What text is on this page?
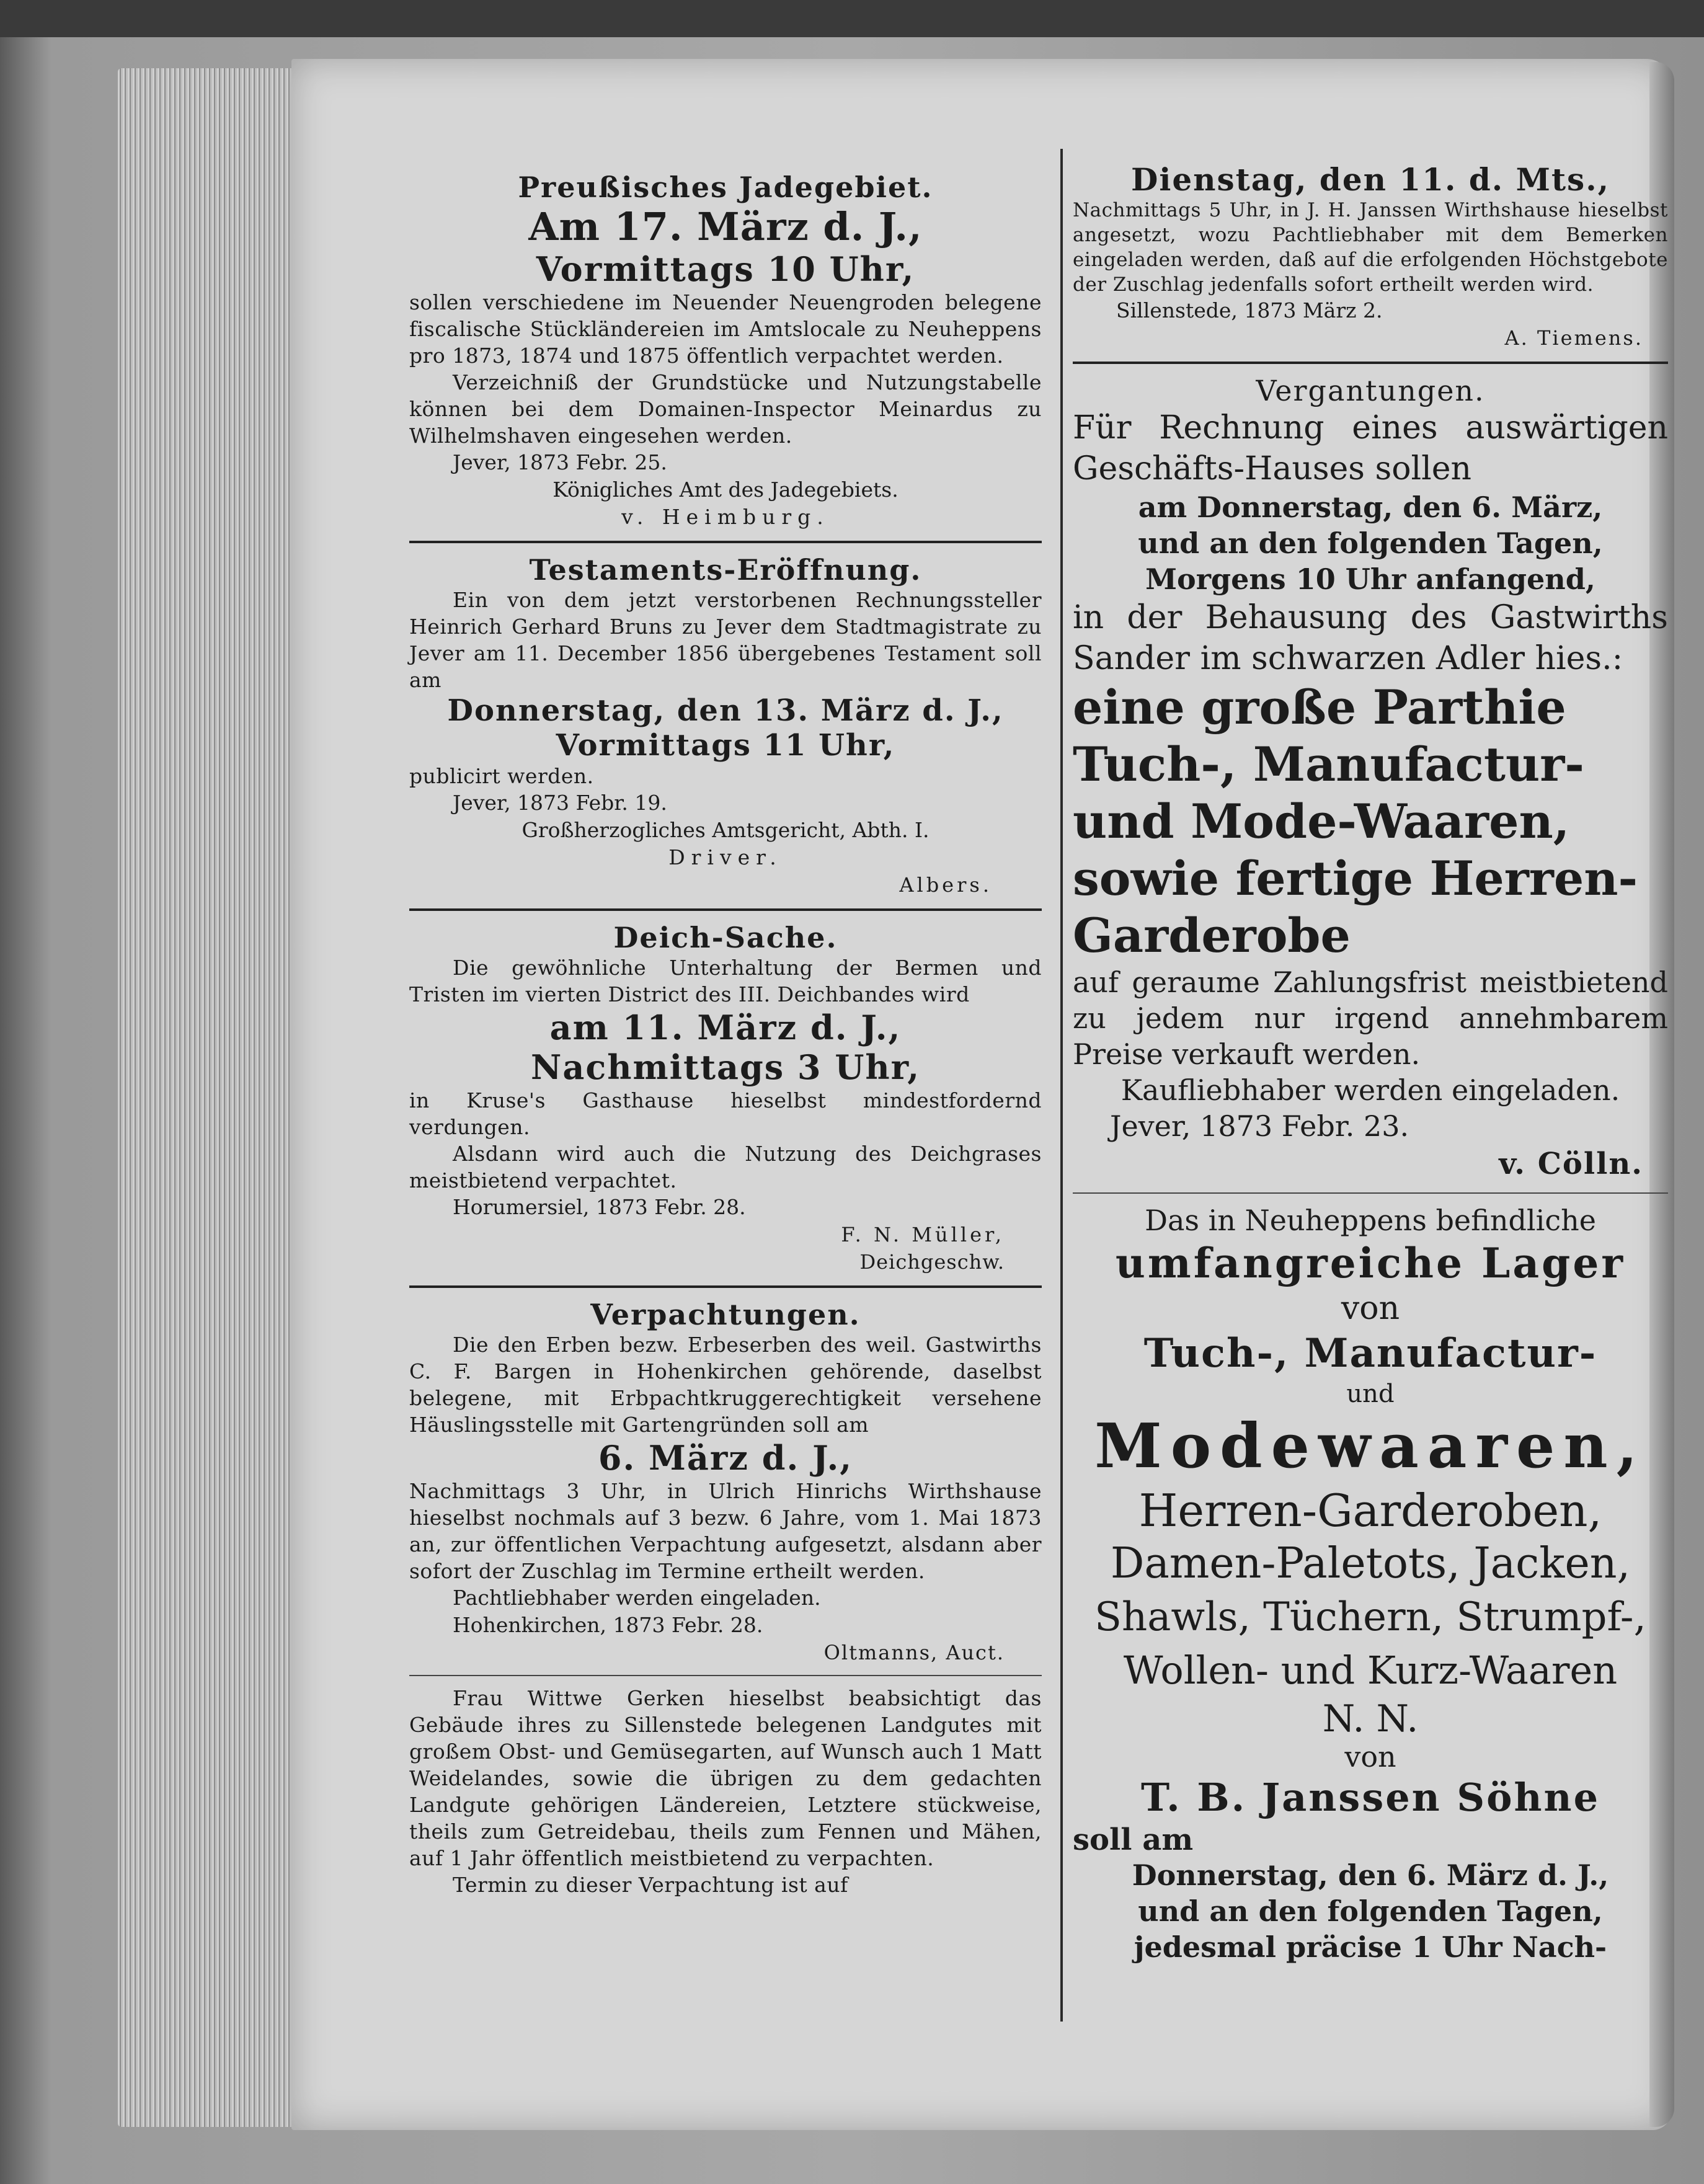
Preußisches Jadegebiet.

Am 17. März d. J.,

Vormittags 10 Uhr,

sollen verschiedene im Neuender Neuengroden belegene fiscalische Stückländereien im Amtslocale zu Neuheppens pro 1873, 1874 und 1875 öffentlich verpachtet werden.

Verzeichniß der Grundstücke und Nutzungstabelle können bei dem Domainen-Inspector Meinardus zu Wilhelmshaven eingesehen werden.

Jever, 1873 Febr. 25.

Königliches Amt des Jadegebiets.

v. Heimburg.

Testaments-Eröffnung.

Ein von dem jetzt verstorbenen Rechnungssteller Heinrich Gerhard Bruns zu Jever dem Stadtmagistrate zu Jever am 11. December 1856 übergebenes Testament soll am

Donnerstag, den 13. März d. J.,

Vormittags 11 Uhr,

publicirt werden.

Jever, 1873 Febr. 19.

Großherzogliches Amtsgericht, Abth. I.

Driver.

Albers.

Deich-Sache.

Die gewöhnliche Unterhaltung der Bermen und Tristen im vierten District des III. Deichbandes wird

am 11. März d. J.,

Nachmittags 3 Uhr,

in Kruse's Gasthause hieselbst mindestfordernd verdungen.

Alsdann wird auch die Nutzung des Deichgrases meistbietend verpachtet.

Horumersiel, 1873 Febr. 28.

F. N. Müller,

Deichgeschw.

Verpachtungen.

Die den Erben bezw. Erbeserben des weil. Gastwirths C. F. Bargen in Hohenkirchen gehörende, daselbst belegene, mit Erbpachtkruggerechtigkeit versehene Häuslingsstelle mit Gartengründen soll am

6. März d. J.,

Nachmittags 3 Uhr, in Ulrich Hinrichs Wirthshause hieselbst nochmals auf 3 bezw. 6 Jahre, vom 1. Mai 1873 an, zur öffentlichen Verpachtung aufgesetzt, alsdann aber sofort der Zuschlag im Termine ertheilt werden.

Pachtliebhaber werden eingeladen.

Hohenkirchen, 1873 Febr. 28.

Oltmanns, Auct.

Frau Wittwe Gerken hieselbst beabsichtigt das Gebäude ihres zu Sillenstede belegenen Landgutes mit großem Obst- und Gemüsegarten, auf Wunsch auch 1 Matt Weidelandes, sowie die übrigen zu dem gedachten Landgute gehörigen Ländereien, Letztere stückweise, theils zum Getreidebau, theils zum Fennen und Mähen, auf 1 Jahr öffentlich meistbietend zu verpachten.

Termin zu dieser Verpachtung ist auf

Dienstag, den 11. d. Mts.,

Nachmittags 5 Uhr, in J. H. Janssen Wirthshause hieselbst angesetzt, wozu Pachtliebhaber mit dem Bemerken eingeladen werden, daß auf die erfolgenden Höchstgebote der Zuschlag jedenfalls sofort ertheilt werden wird.

Sillenstede, 1873 März 2.

A. Tiemens.

Vergantungen.

Für Rechnung eines auswärtigen Geschäfts-Hauses sollen

am Donnerstag, den 6. März,

und an den folgenden Tagen,

Morgens 10 Uhr anfangend,

in der Behausung des Gastwirths Sander im schwarzen Adler hies.:

eine große Parthie Tuch-, Manufactur- und Mode-Waaren, sowie fertige Herren-Garderobe

auf geraume Zahlungsfrist meistbietend zu jedem nur irgend annehmbarem Preise verkauft werden.

Kaufliebhaber werden eingeladen.

Jever, 1873 Febr. 23.

v. Cölln.

Das in Neuheppens befindliche

umfangreiche Lager

von

Tuch-, Manufactur-

und

Modewaaren,

Herren-Garderoben,

Damen-Paletots, Jacken,

Shawls, Tüchern, Strumpf-,

Wollen- und Kurz-Waaren

N. N.

von

T. B. Janssen Söhne

soll am

Donnerstag, den 6. März d. J.,

und an den folgenden Tagen,

jedesmal präcise 1 Uhr Nach-
